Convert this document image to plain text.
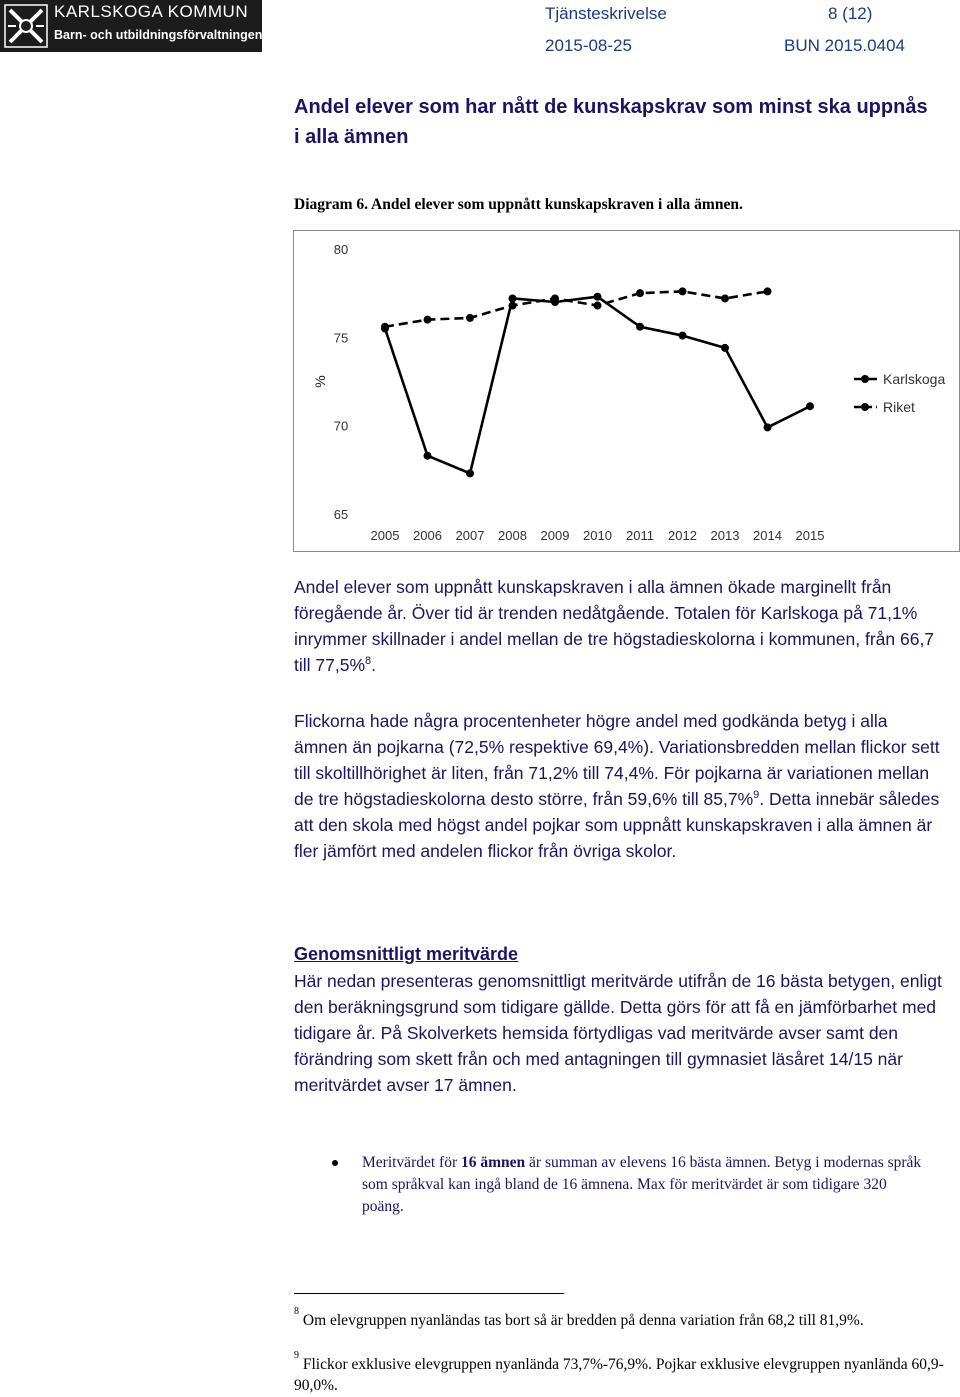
KARLSKOGA KOMMUN
Barn- och utbildningsförvaltningen
Tjänsteskrivelse	8 (12)
2015-08-25	BUN 2015.0404
Andel elever som har nått de kunskapskrav som minst ska uppnås i alla ämnen
Diagram 6. Andel elever som uppnått kunskapskraven i alla ämnen.
65
70
75
80
%
2005 2006 2007 2008 2009 2010 2011 2012 2013 2014 2015
Karlskoga
Riket
Andel elever som uppnått kunskapskraven i alla ämnen ökade marginellt från föregående år. Över tid är trenden nedåtgående. Totalen för Karlskoga på 71,1% inrymmer skillnader i andel mellan de tre högstadieskolorna i kommunen, från 66,7 till 77,5%$^8$.
Flickorna hade några procentenheter högre andel med godkända betyg i alla ämnen än pojkarna (72,5% respektive 69,4%). Variationsbredden mellan flickor sett till skoltillhörighet är liten, från 71,2% till 74,4%. För pojkarna är variationen mellan de tre högstadieskolorna desto större, från 59,6% till 85,7%$^9$. Detta innebär således att den skola med högst andel pojkar som uppnått kunskapskraven i alla ämnen är fler jämfört med andelen flickor från övriga skolor.
Genomsnittligt meritvärde
Här nedan presenteras genomsnittligt meritvärde utifrån de 16 bästa betygen, enligt den beräkningsgrund som tidigare gällde. Detta görs för att få en jämförbarhet med tidigare år. På Skolverkets hemsida förtydligas vad meritvärde avser samt den förändring som skett från och med antagningen till gymnasiet läsåret 14/15 när meritvärdet avser 17 ämnen.
Meritvärdet för 16 ämnen är summan av elevens 16 bästa ämnen. Betyg i modernas språk som språkval kan ingå bland de 16 ämnena. Max för meritvärdet är som tidigare 320 poäng.
$^8$ Om elevgruppen nyanländas tas bort så är bredden på denna variation från 68,2 till 81,9%.
$^9$ Flickor exklusive elevgruppen nyanlända 73,7%-76,9%. Pojkar exklusive elevgruppen nyanlända 60,9-90,0%.
